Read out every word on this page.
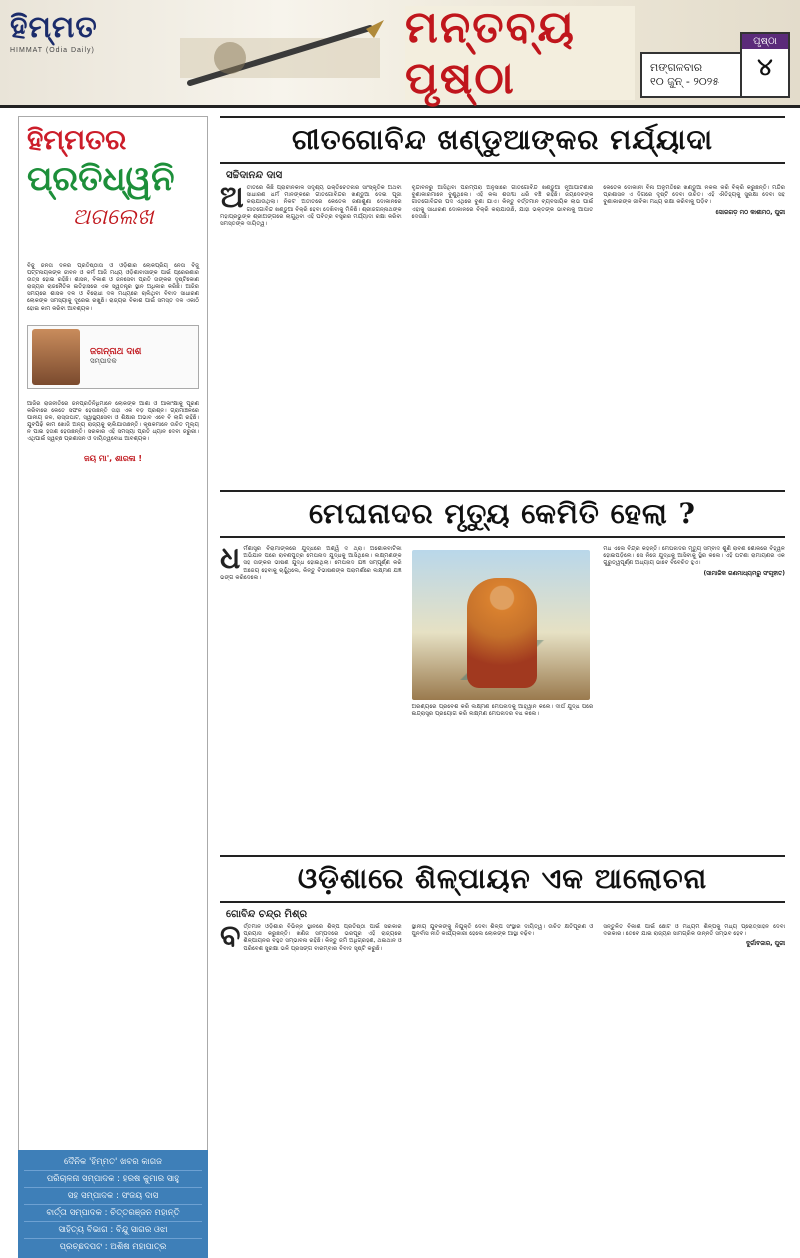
ହିମ୍ମତ
HIMMAT (Odia Daily)	ମନ୍ତବ୍ୟ ପୃଷ୍ଠା	ମଙ୍ଗଳବାର
୧୦ ଜୁନ୍ - ୨୦୨୫
ପୃଷ୍ଠା
୪
ହିମ୍ମତର
ପ୍ରତିଧ୍ୱନି
ଅଗଲେଖ
ବିଜୁ ଜନତା ଦଳର ପ୍ରତିଷ୍ଠାତା ଓ ଓଡ଼ିଶାର ଲୋକପ୍ରିୟ ନେତା ବିଜୁ ପଟ୍ଟନାୟକଙ୍କ ଜୀବନ ଓ କର୍ମ ଆଜି ମଧ୍ୟ ଓଡ଼ିଶାବାସୀଙ୍କ ପାଇଁ ପ୍ରେରଣାର ଉତ୍ସ ହୋଇ ରହିଛି। ଶାସନ, ବିକାଶ ଓ ଜନସେବା ପ୍ରତି ତାଙ୍କର ଦୃଷ୍ଟିକୋଣ ରାଜ୍ୟର ରାଜନୈତିକ ଇତିହାସରେ ଏକ ସ୍ୱତନ୍ତ୍ର ସ୍ଥାନ ଅଧିକାର କରିଛି। ଆଜିର ସମୟରେ ଶାସକ ଦଳ ଓ ବିରୋଧୀ ଦଳ ମଧ୍ୟରେ ଚାଲିଥିବା ବିବାଦ ସାଧାରଣ ଲୋକଙ୍କ ସମସ୍ୟାକୁ ଦୂରେଇ ରଖୁଛି। ରାଜ୍ୟର ବିକାଶ ପାଇଁ ସମସ୍ତ ଦଳ ଏକାଠି ହୋଇ କାମ କରିବା ଆବଶ୍ୟକ।
ଜଗନ୍ନାଥ ଦାଶ
ସମ୍ପାଦକ
ଆଜିର ରାଜନୀତିରେ ଜନପ୍ରତିନିଧିମାନେ ଲୋକଙ୍କ ଆଶା ଓ ଆକାଂକ୍ଷାକୁ ପୂରଣ କରିବାରେ କେତେ ସଫଳ ହେଉଛନ୍ତି ତାହା ଏକ ବଡ଼ ପ୍ରଶ୍ନ। ଗ୍ରାମାଞ୍ଚଳରେ ପାନୀୟ ଜଳ, ରାସ୍ତାଘାଟ, ସ୍ୱାସ୍ଥ୍ୟସେବା ଓ ଶିକ୍ଷାର ଅଭାବ ଏବେ ବି ଲାଗି ରହିଛି। ଯୁବପିଢ଼ି କାମ ଖୋଜି ଅନ୍ୟ ରାଜ୍ୟକୁ ଚାଲିଯାଉଛନ୍ତି। କୃଷକମାନେ ଉଚିତ ମୂଲ୍ୟ ନ ପାଇ ହତାଶ ହେଉଛନ୍ତି। ସରକାର ଏହି ସମସ୍ୟା ପ୍ରତି ଧ୍ୟାନ ଦେବା ଜରୁରୀ। ଏଥିପାଇଁ ସ୍ୱଚ୍ଛ ପ୍ରଶାସନ ଓ ଦାୟିତ୍ୱବୋଧ ଆବଶ୍ୟକ।
ଜୟ ମା', ଶାରଳା !
ଦୈନିକ 'ହିମ୍ମତ' ଖବର କାଗଜ
ପରିଚାଳନା ସମ୍ପାଦକ : ହରଷ କୁମାର ସାହୁ
ସହ ସମ୍ପାଦକ : ସଂଜୟ ଦାସ
ବାର୍ତ୍ତା ସମ୍ପାଦକ : ଚିତ୍ତରଞ୍ଜନ ମହାନ୍ତି
ସାହିତ୍ୟ ବିଭାଗ : ବିନ୍ଦୁ ସାଗର ଓଝା
ପ୍ରଚ୍ଛଦପଟ : ଅଶିଷ ମହାପାତ୍ର
ଗୀତଗୋବିନ୍ଦ ଖଣ୍ଡୁଆଙ୍କର ମର୍ଯ୍ୟାଦା
ସଚ୍ଚିଦାନନ୍ଦ ଦାସ
ଅ ତୀତରେ କିଛି ପ୍ରାଚୀନକାଳ ସଦୃଶ୍ୟ ଭକ୍ତିଚେତନାର ସାଂସ୍କୃତିକ ଅଥବା ସାଧାରଣ ଧର୍ମ ମାନଙ୍କରେ ଗୀତଗୋବିନ୍ଦର ଖଣ୍ଡୁଆ ଦେଇ ପୂଜା କରାଯାଉଥିଲା। ନିକଟ ଅତୀତରେ କେତେକ ଜଣାଶୁଣା ଦୋକାନରେ ଗୀତଗୋବିନ୍ଦ ଖଣ୍ଡୁଆ ବିକ୍ରି ହେବା ଦେଖିବାକୁ ମିଳିଛି। ଶ୍ରୀଜଗନ୍ନାଥଙ୍କ ମହାପ୍ରଭୁଙ୍କ ଶ୍ରୀଅଙ୍ଗରେ ଲାଗୁଥିବା ଏହି ପବିତ୍ର ବସ୍ତ୍ରର ମର୍ଯ୍ୟାଦା ରକ୍ଷା କରିବା ସମସ୍ତଙ୍କ ଦାୟିତ୍ୱ।
ବୃନ୍ଦାବନରୁ ଆସିଥିବା ପରମ୍ପରା ଅନୁସାରେ ଗୀତଗୋବିନ୍ଦ ଖଣ୍ଡୁଆ ନୂଆପାଟଣାର ବୁଣାକାରମାନେ ବୁଣୁଥିଲେ। ଏହି କଳା ଶତାବ୍ଦୀ ଧରି ବଞ୍ଚି ରହିଛି। ଜୟଦେବଙ୍କ ଗୀତଗୋବିନ୍ଦର ପଦ ଏଥିରେ ବୁଣା ଯାଏ। କିନ୍ତୁ ବର୍ତ୍ତମାନ ବ୍ୟବସାୟିକ ଲାଭ ପାଇଁ ଏହାକୁ ସାଧାରଣ ଦୋକାନରେ ବିକ୍ରି କରାଯାଉଛି, ଯାହା ଭକ୍ତଙ୍କ ଭାବନାକୁ ଆଘାତ ଦେଉଛି।
କେତେକ ଦୋକାନୀ ବିନା ଅନୁମତିରେ ଖଣ୍ଡୁଆ ନକଲ କରି ବିକ୍ରି କରୁଛନ୍ତି। ମନ୍ଦିର ପ୍ରଶାସନ ଏ ଦିଗରେ ଦୃଷ୍ଟି ଦେବା ଉଚିତ। ଏହି ଐତିହ୍ୟକୁ ସୁରକ୍ଷା ଦେବା ସହ ବୁଣାକାରଙ୍କ ଜୀବିକା ମଧ୍ୟ ରକ୍ଷା କରିବାକୁ ପଡ଼ିବ।
ସୋରଗଡ଼ ମଠ କାଶୀମଠ, ପୁରୀ
ମେଘନାଦର ମୃତ୍ୟୁ କେମିତି ହେଲା ?
ଧ ର୍ମଶାସ୍ତ୍ର ବିରାମାଙ୍କରେ ଯୁଦ୍ଧରେ ଅଶ୍ୱି ଦ ଥ୍ରା। ଅଶୋକବାଟିକା ଅଭିଯାନ ପରେ ରାବଣପୁତ୍ର ମେଘନାଦ ଯୁଦ୍ଧକୁ ଆସିଥିଲେ। ଲକ୍ଷ୍ମଣଙ୍କ ସହ ତାଙ୍କର ଭୀଷଣ ଯୁଦ୍ଧ ହୋଇଥିଲା। ମେଘନାଦ ଯଜ୍ଞ ସମ୍ପୂର୍ଣ୍ଣ କରି ଅଜେୟ ହେବାକୁ ଚାହୁଁଥିଲେ, କିନ୍ତୁ ବିଭୀଷଣଙ୍କ ପରାମର୍ଶରେ ଲକ୍ଷ୍ମଣ ଯଜ୍ଞ ଭଙ୍ଗ କରିଦେଲେ।
ଅରଣ୍ୟରେ ପ୍ରବେଶ କରି ଲକ୍ଷ୍ମଣ ମେଘନାଦକୁ ଆହ୍ୱାନ କଲେ। ଦୀର୍ଘ ଯୁଦ୍ଧ ପରେ ଇନ୍ଦ୍ରାସ୍ତ୍ର ପ୍ରୟୋଗ କରି ଲକ୍ଷ୍ମଣ ମେଘନାଦର ବଧ କଲେ।
ମଧ ଏଲେ ବିନ୍ଦ୍ର କହନ୍ତି। ମେଘନାଦର ମୃତ୍ୟୁ ସମ୍ବାଦ ଶୁଣି ରାବଣ ଶୋକରେ ବିହ୍ୱଳ ହୋଇପଡ଼ିଲେ। ସେ ନିଜେ ଯୁଦ୍ଧକୁ ଆସିବାକୁ ସ୍ଥିର କଲେ। ଏହି ଘଟଣା ରାମାୟଣର ଏକ ଗୁରୁତ୍ୱପୂର୍ଣ୍ଣ ଅଧ୍ୟାୟ ଭାବେ ବିବେଚିତ ହୁଏ।
(ସାମାଜିକ ଗଣମାଧ୍ୟମରୁ ସଂଗୃହୀତ)
ଓଡ଼ିଶାରେ ଶିଳ୍ପାୟନ ଏକ ଆଲୋଚନା
ଗୋବିନ୍ଦ ଚନ୍ଦ୍ର ମିଶ୍ର
ବ ର୍ତ୍ତମାନ ଓଡ଼ିଶାର ବିଭିନ୍ନ ସ୍ଥାନରେ ଶିଳ୍ପ ପ୍ରତିଷ୍ଠା ପାଇଁ ସରକାର ପ୍ରୟାସ କରୁଛନ୍ତି। ଖଣିଜ ସମ୍ପଦରେ ଭରପୂର ଏହି ରାଜ୍ୟରେ ଶିଳ୍ପାୟନର ବହୁତ ସମ୍ଭାବନା ରହିଛି। କିନ୍ତୁ ଜମି ଅଧିଗ୍ରହଣ, ଥଇଥାନ ଓ ପରିବେଶ ସୁରକ୍ଷା ଭଳି ପ୍ରସଙ୍ଗ ବାରମ୍ବାର ବିବାଦ ସୃଷ୍ଟି କରୁଛି।
ସ୍ଥାନୀୟ ଯୁବକଙ୍କୁ ନିଯୁକ୍ତି ଦେବା ଶିଳ୍ପ ସଂସ୍ଥାର ଦାୟିତ୍ୱ। ଉଚିତ କ୍ଷତିପୂରଣ ଓ ପୁନର୍ବାସ ନୀତି କାର୍ଯ୍ୟକାରୀ ହେଲେ ଲୋକଙ୍କ ଆସ୍ଥା ବଢ଼ିବ।
ସନ୍ତୁଳିତ ବିକାଶ ପାଇଁ ଛୋଟ ଓ ମଧ୍ୟମ ଶିଳ୍ପକୁ ମଧ୍ୟ ପ୍ରୋତ୍ସାହନ ଦେବା ଦରକାର। ତେବେ ଯାଇ ରାଜ୍ୟର ସାମଗ୍ରିକ ଉନ୍ନତି ସମ୍ଭବ ହେବ।
ଦୁର୍ଗାବଜାର, ପୁରୀ
